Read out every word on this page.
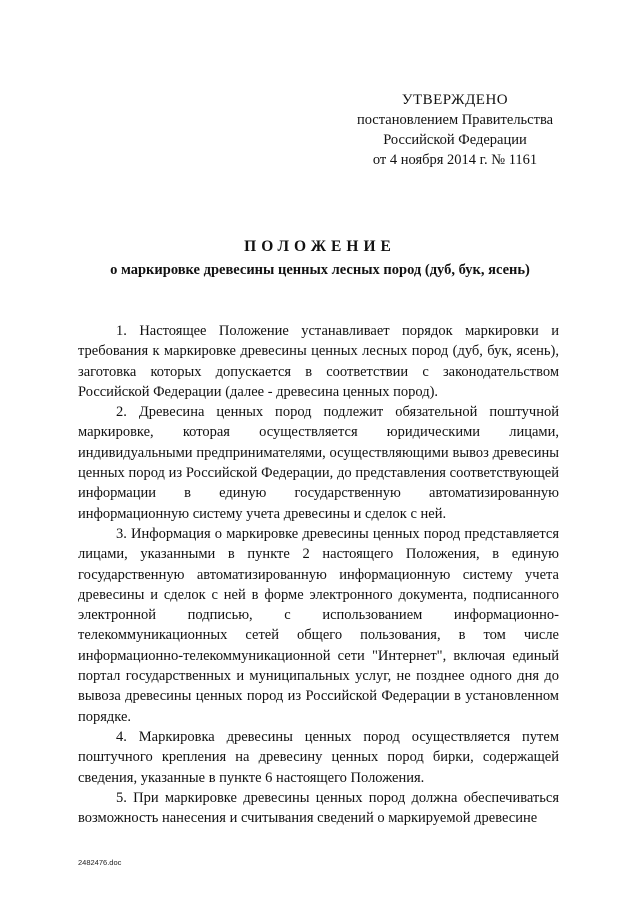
УТВЕРЖДЕНО
постановлением Правительства
Российской Федерации
от 4 ноября 2014 г. № 1161
ПОЛОЖЕНИЕ
о маркировке древесины ценных лесных пород (дуб, бук, ясень)

1. Настоящее Положение устанавливает порядок маркировки и требования к маркировке древесины ценных лесных пород (дуб, бук, ясень), заготовка которых допускается в соответствии с законодательством Российской Федерации (далее - древесина ценных пород).

2. Древесина ценных пород подлежит обязательной поштучной маркировке, которая осуществляется юридическими лицами, индивидуальными предпринимателями, осуществляющими вывоз древесины ценных пород из Российской Федерации, до представления соответствующей информации в единую государственную автоматизированную информационную систему учета древесины и сделок с ней.

3. Информация о маркировке древесины ценных пород представляется лицами, указанными в пункте 2 настоящего Положения, в единую государственную автоматизированную информационную систему учета древесины и сделок с ней в форме электронного документа, подписанного электронной подписью, с использованием информационно-телекоммуникационных сетей общего пользования, в том числе информационно-телекоммуникационной сети "Интернет", включая единый портал государственных и муниципальных услуг, не позднее одного дня до вывоза древесины ценных пород из Российской Федерации в установленном порядке.

4. Маркировка древесины ценных пород осуществляется путем поштучного крепления на древесину ценных пород бирки, содержащей сведения, указанные в пункте 6 настоящего Положения.

5. При маркировке древесины ценных пород должна обеспечиваться возможность нанесения и считывания сведений о маркируемой древесине

2482476.doc
